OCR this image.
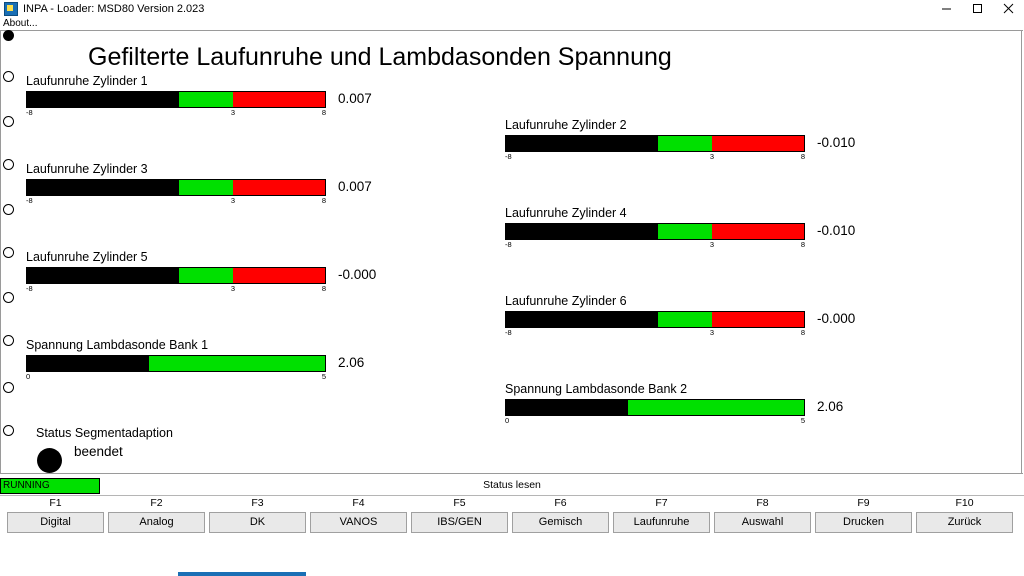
INPA - Loader: MSD80 Version 2.023
About...
Gefilterte Laufunruhe und Lambdasonden Spannung
Laufunruhe Zylinder 1
-8	3	8
0.007
Laufunruhe Zylinder 3
-8	3	8
0.007
Laufunruhe Zylinder 5
-8	3	8
-0.000
Spannung Lambdasonde Bank 1
0	5
2.06
Laufunruhe Zylinder 2
-8	3	8
-0.010
Laufunruhe Zylinder 4
-8	3	8
-0.010
Laufunruhe Zylinder 6
-8	3	8
-0.000
Spannung Lambdasonde Bank 2
0	5
2.06
Status Segmentadaption
beendet
Status lesen
RUNNING
F1
Digital
F2
Analog
F3
DK
F4
VANOS
F5
IBS/GEN
F6
Gemisch
F7
Laufunruhe
F8
Auswahl
F9
Drucken
F10
Zurück
